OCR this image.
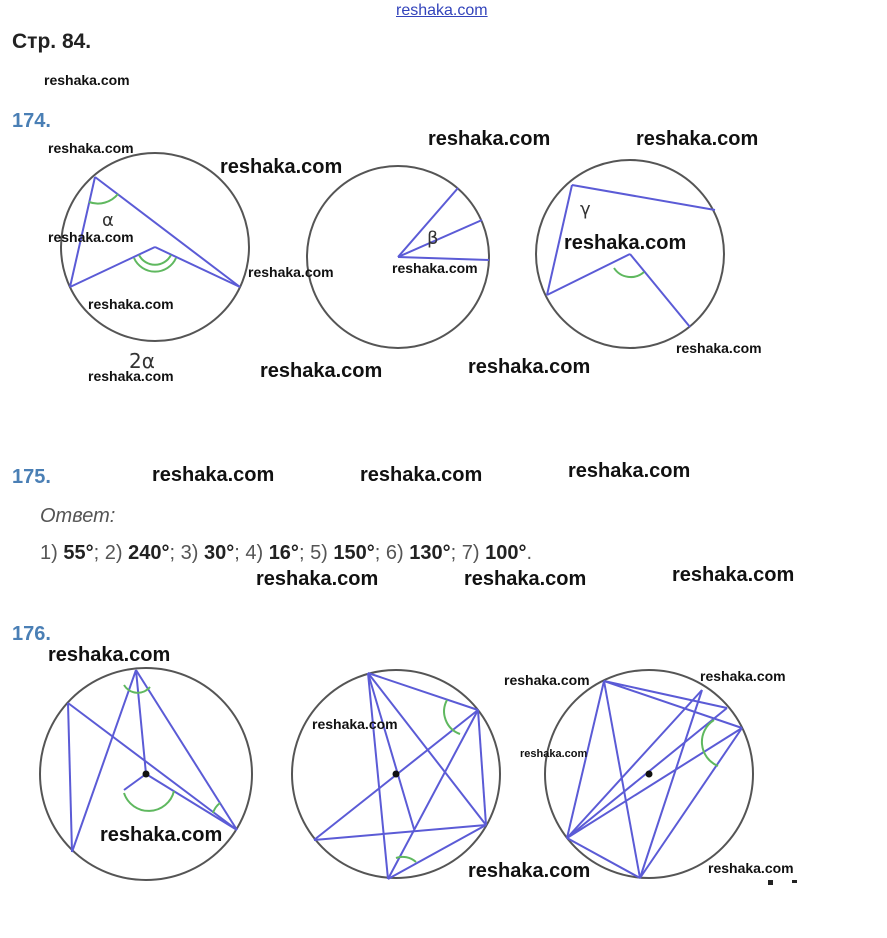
reshaka.com
Стр. 84.
174.
175.
176.
α
2α
β
γ
Ответ:
1) 55°; 2) 240°; 3) 30°; 4) 16°; 5) 150°; 6) 130°; 7) 100°.
reshaka.com
reshaka.com
reshaka.com
reshaka.com
reshaka.com
reshaka.com
reshaka.com
reshaka.com
reshaka.com
reshaka.com	reshaka.com
reshaka.com
reshaka.com	reshaka.com
reshaka.com	reshaka.com	reshaka.com
reshaka.com	reshaka.com	reshaka.com
reshaka.com
reshaka.com
reshaka.com	reshaka.com
reshaka.com
reshaka.com
reshaka.com	reshaka.com
